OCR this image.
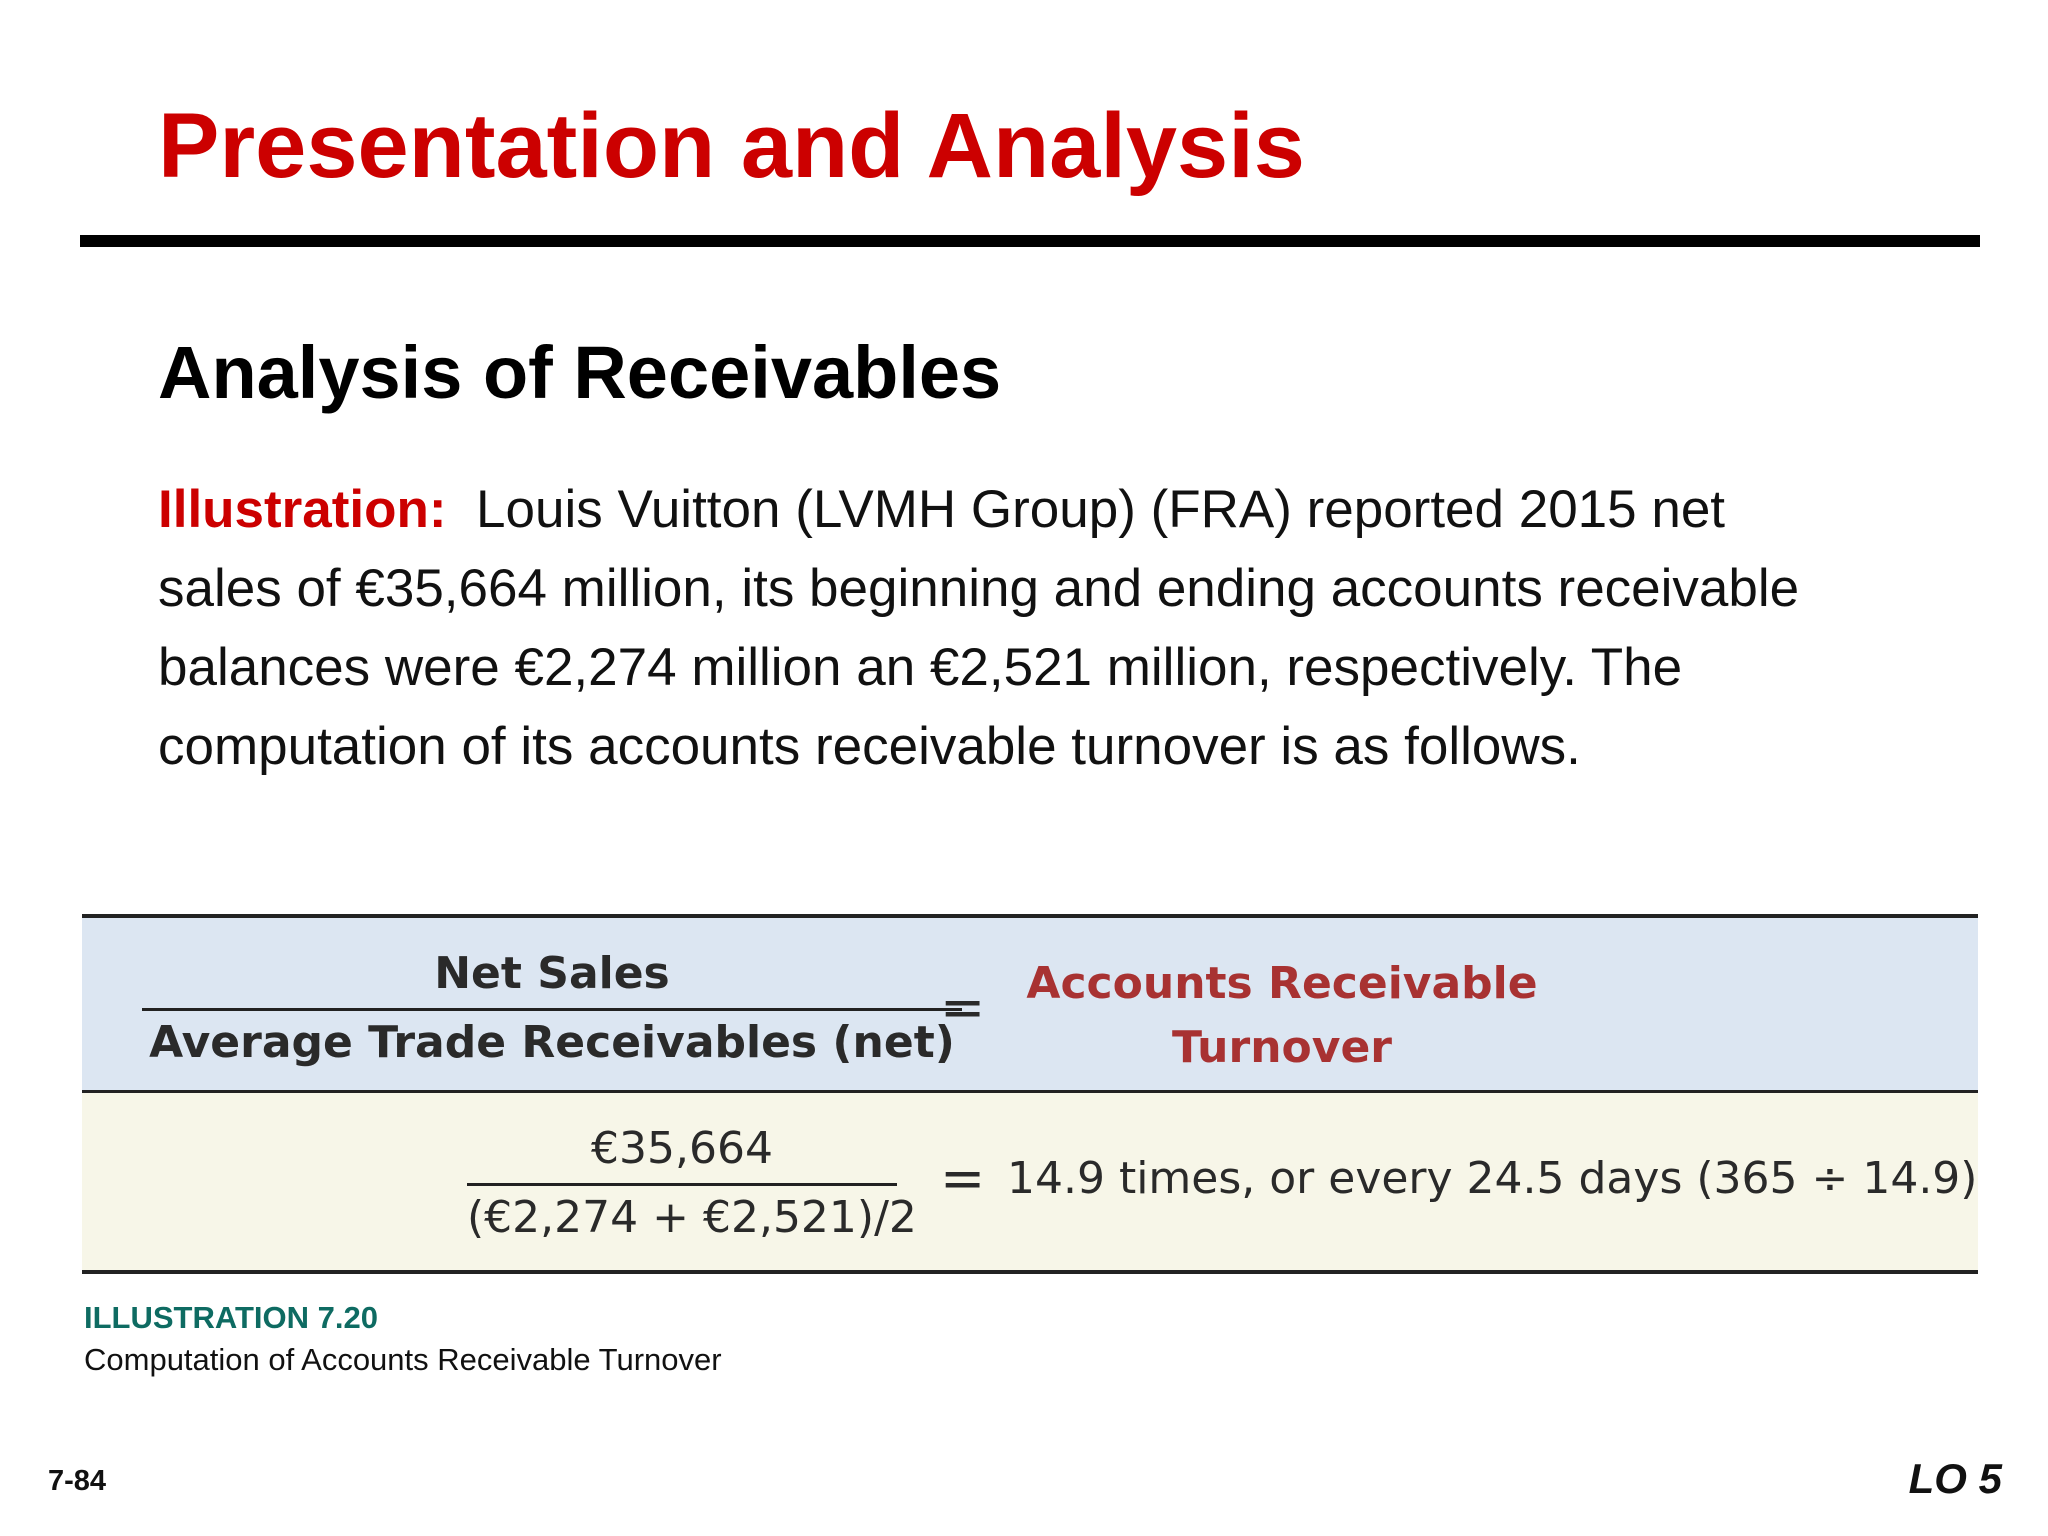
Presentation and Analysis
Analysis of Receivables
Illustration: Louis Vuitton (LVMH Group) (FRA) reported 2015 net sales of €35,664 million, its beginning and ending accounts receivable balances were €2,274 million an €2,521 million, respectively. The computation of its accounts receivable turnover is as follows.
Net Sales
Average Trade Receivables (net)
= Accounts Receivable
Turnover
€35,664
(€2,274 + €2,521)/2
= 14.9 times, or every 24.5 days (365 ÷ 14.9)
ILLUSTRATION 7.20
Computation of Accounts Receivable Turnover
7-84	LO 5
